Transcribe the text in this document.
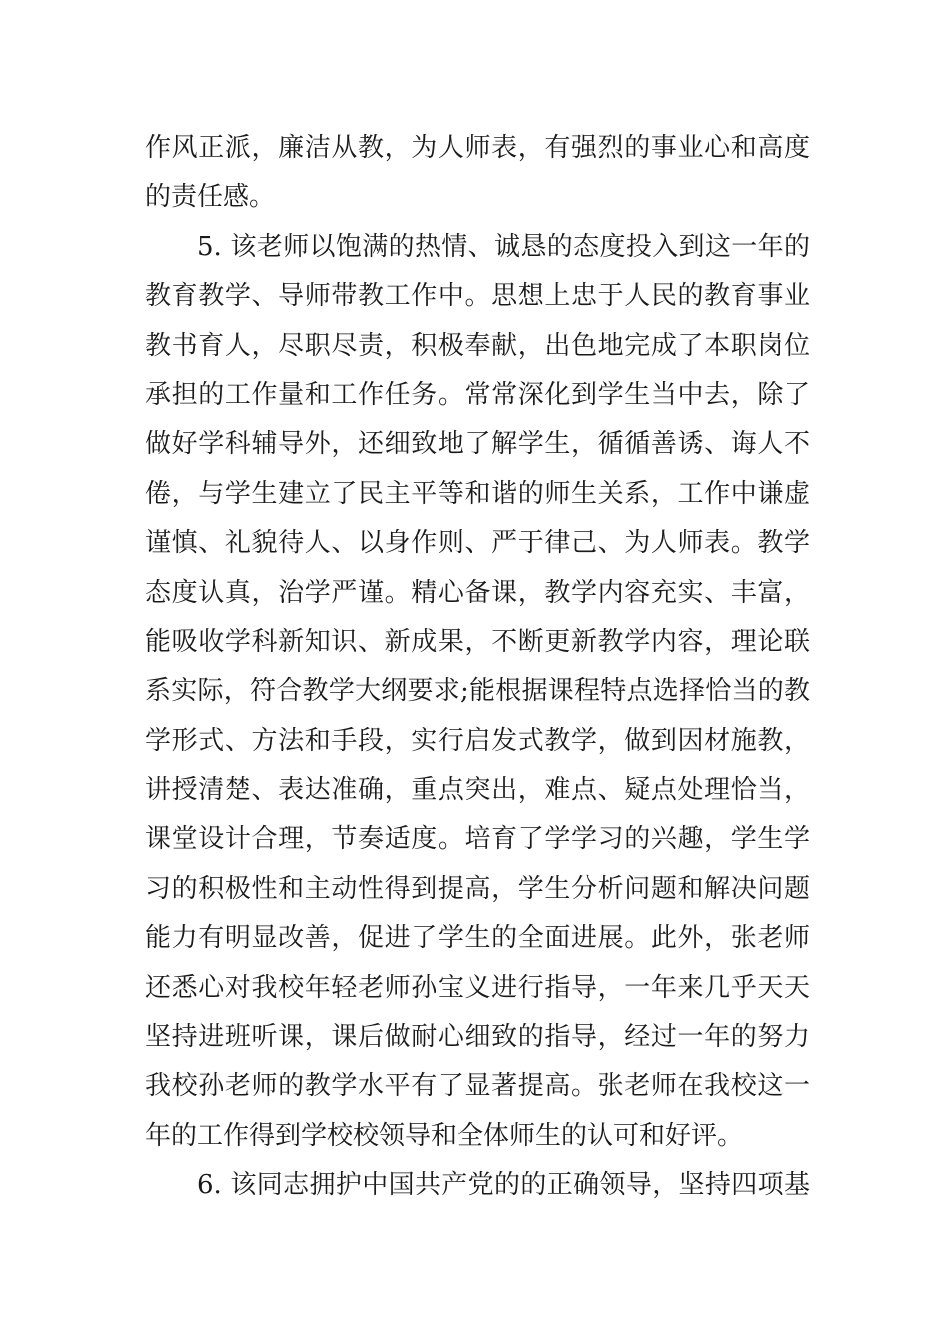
作风正派，廉洁从教，为人师表，有强烈的事业心和高度
的责任感。

5. 该老师以饱满的热情、诚恳的态度投入到这一年的
教育教学、导师带教工作中。思想上忠于人民的教育事业
教书育人，尽职尽责，积极奉献，出色地完成了本职岗位
承担的工作量和工作任务。常常深化到学生当中去，除了
做好学科辅导外，还细致地了解学生，循循善诱、诲人不
倦，与学生建立了民主平等和谐的师生关系，工作中谦虚
谨慎、礼貌待人、以身作则、严于律己、为人师表。教学
态度认真，治学严谨。精心备课，教学内容充实、丰富，
能吸收学科新知识、新成果，不断更新教学内容，理论联
系实际，符合教学大纲要求;能根据课程特点选择恰当的教
学形式、方法和手段，实行启发式教学，做到因材施教，
讲授清楚、表达准确，重点突出，难点、疑点处理恰当，
课堂设计合理，节奏适度。培育了学学习的兴趣，学生学
习的积极性和主动性得到提高，学生分析问题和解决问题
能力有明显改善，促进了学生的全面进展。此外，张老师
还悉心对我校年轻老师孙宝义进行指导，一年来几乎天天
坚持进班听课，课后做耐心细致的指导，经过一年的努力
我校孙老师的教学水平有了显著提高。张老师在我校这一
年的工作得到学校校领导和全体师生的认可和好评。

6. 该同志拥护中国共产党的的正确领导，坚持四项基
